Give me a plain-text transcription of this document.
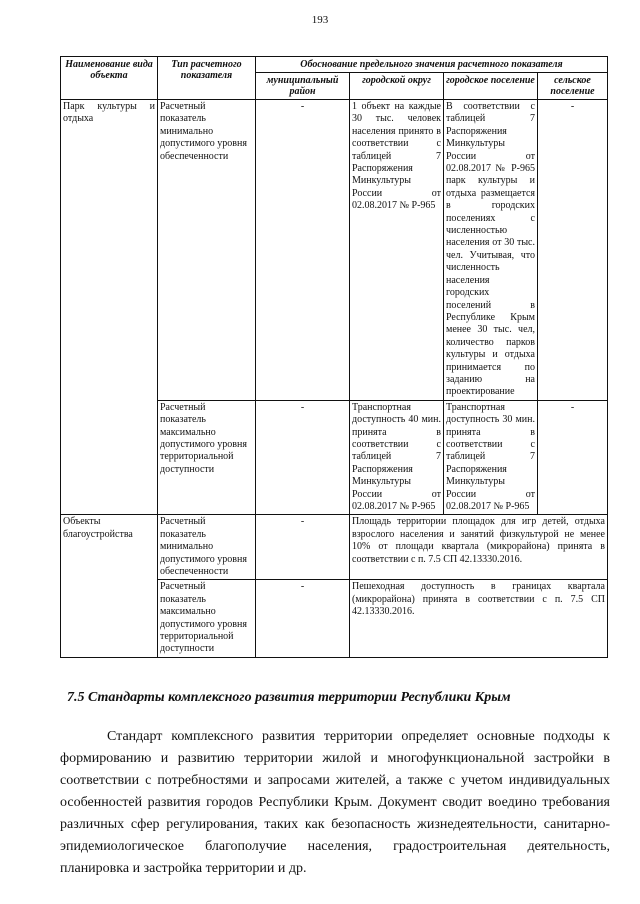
193
Наименование вида объекта	Тип расчетного показателя	Обоснование предельного значения расчетного показателя			
		муниципальный район	городской округ	городское поселение	сельское поселение
Парк культуры и отдыха	Расчетный показатель минимально допустимого уровня обеспеченности	-	1 объект на каждые 30 тыс. человек населения принято в соответствии с таблицей 7 Распоряжения Минкультуры России от 02.08.2017 № Р-965	В соответствии с таблицей 7 Распоряжения Минкультуры России от 02.08.2017 № Р-965 парк культуры и отдыха размещается в городских поселениях с численностью населения от 30 тыс. чел. Учитывая, что численность населения городских поселений в Республике Крым менее 30 тыс. чел, количество парков культуры и отдыха принимается по заданию на проектирование	-
	Расчетный показатель максимально допустимого уровня территориальной доступности	-	Транспортная доступность 40 мин. принята в соответствии с таблицей 7 Распоряжения Минкультуры России от 02.08.2017 № Р-965	Транспортная доступность 30 мин. принята в соответствии с таблицей 7 Распоряжения Минкультуры России от 02.08.2017 № Р-965	-
Объекты благоустройства	Расчетный показатель минимально допустимого уровня обеспеченности	-	Площадь территории площадок для игр детей, отдыха взрослого населения и занятий физкультурой не менее 10% от площади квартала (микрорайона) принята в соответствии с п. 7.5 СП 42.13330.2016.		
	Расчетный показатель максимально допустимого уровня территориальной доступности	-	Пешеходная доступность в границах квартала (микрорайона) принята в соответствии с п. 7.5 СП 42.13330.2016.		
7.5 Стандарты комплексного развития территории Республики Крым
Стандарт комплексного развития территории определяет основные подходы к формированию и развитию территории жилой и многофункциональной застройки в соответствии с потребностями и запросами жителей, а также с учетом индивидуальных особенностей развития городов Республики Крым. Документ сводит воедино требования различных сфер регулирования, таких как безопасность жизнедеятельности, санитарно-эпидемиологическое благополучие населения, градостроительная деятельность, планировка и застройка территории и др.
